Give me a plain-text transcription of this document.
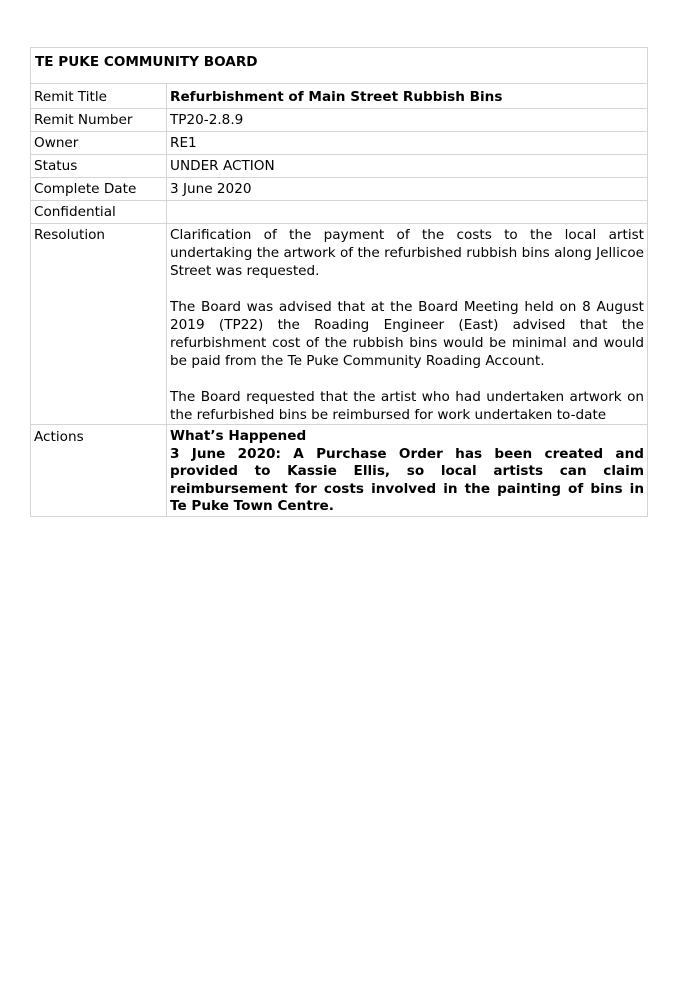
TE PUKE COMMUNITY BOARD	
Remit Title	Refurbishment of Main Street Rubbish Bins
Remit Number	TP20-2.8.9
Owner	RE1
Status	UNDER ACTION
Complete Date	3 June 2020
Confidential	
Resolution	Clarification of the payment of the costs to the local artist undertaking the artwork of the refurbished rubbish bins along Jellicoe Street was requested.

The Board was advised that at the Board Meeting held on 8 August 2019 (TP22) the Roading Engineer (East) advised that the refurbishment cost of the rubbish bins would be minimal and would be paid from the Te Puke Community Roading Account.

The Board requested that the artist who had undertaken artwork on the refurbished bins be reimbursed for work undertaken to-date

Actions	What’s Happened
3 June 2020: A Purchase Order has been created and provided to Kassie Ellis, so local artists can claim reimbursement for costs involved in the painting of bins in Te Puke Town Centre.
